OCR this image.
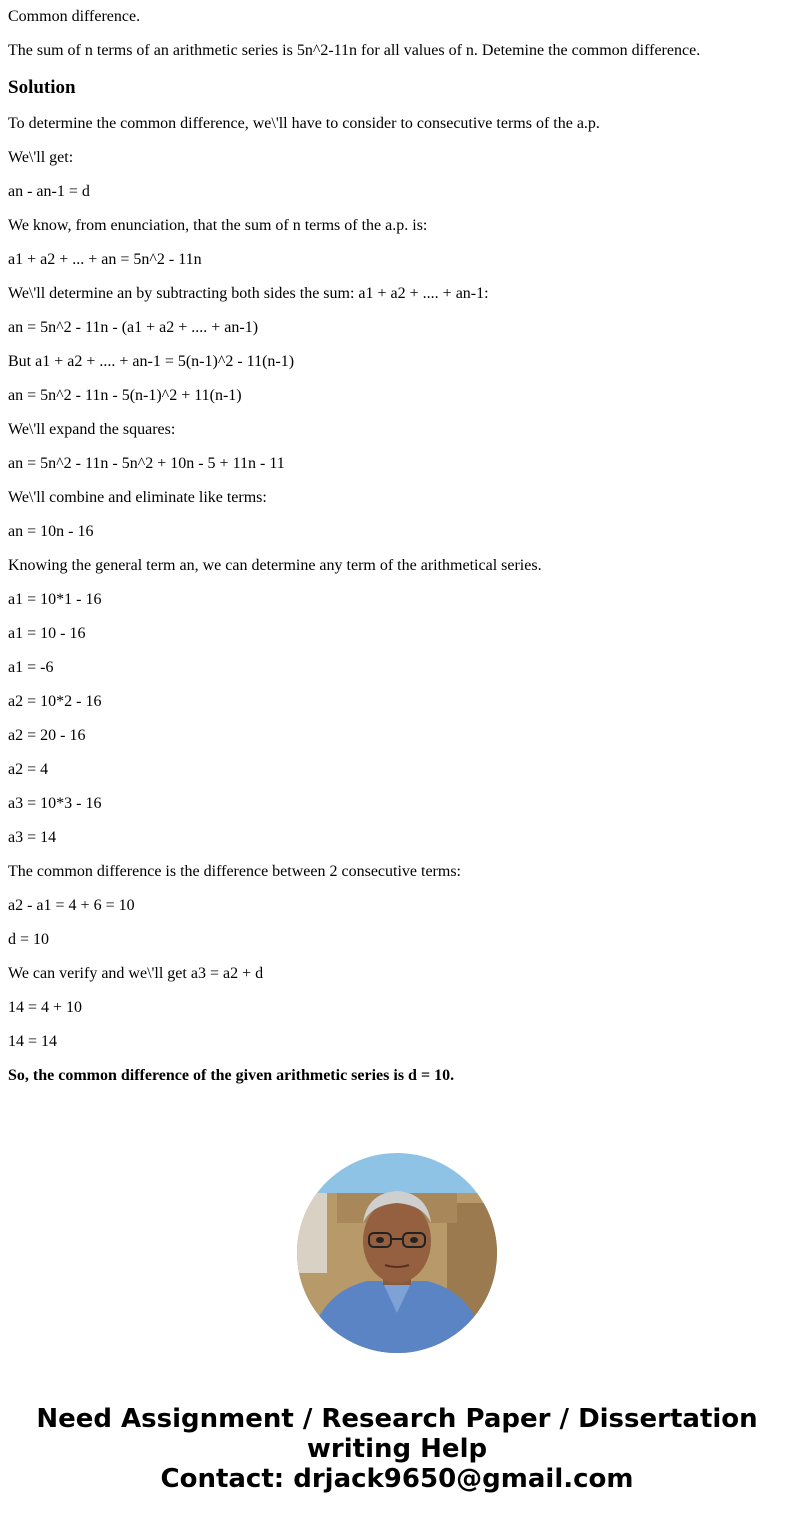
Common difference.

The sum of n terms of an arithmetic series is 5n^2-11n for all values of n. Detemine the common difference.

Solution

To determine the common difference, we\'ll have to consider to consecutive terms of the a.p.

We\'ll get:

an - an-1 = d

We know, from enunciation, that the sum of n terms of the a.p. is:

a1 + a2 + ... + an = 5n^2 - 11n

We\'ll determine an by subtracting both sides the sum: a1 + a2 + .... + an-1:

an = 5n^2 - 11n - (a1 + a2 + .... + an-1)

But a1 + a2 + .... + an-1 = 5(n-1)^2 - 11(n-1)

an = 5n^2 - 11n - 5(n-1)^2 + 11(n-1)

We\'ll expand the squares:

an = 5n^2 - 11n - 5n^2 + 10n - 5 + 11n - 11

We\'ll combine and eliminate like terms:

an = 10n - 16

Knowing the general term an, we can determine any term of the arithmetical series.

a1 = 10*1 - 16

a1 = 10 - 16

a1 = -6

a2 = 10*2 - 16

a2 = 20 - 16

a2 = 4

a3 = 10*3 - 16

a3 = 14

The common difference is the difference between 2 consecutive terms:

a2 - a1 = 4 + 6 = 10

d = 10

We can verify and we\'ll get a3 = a2 + d

14 = 4 + 10

14 = 14

So, the common difference of the given arithmetic series is d = 10.

Need Assignment / Research Paper / Dissertation
writing Help
Contact: drjack9650@gmail.com
